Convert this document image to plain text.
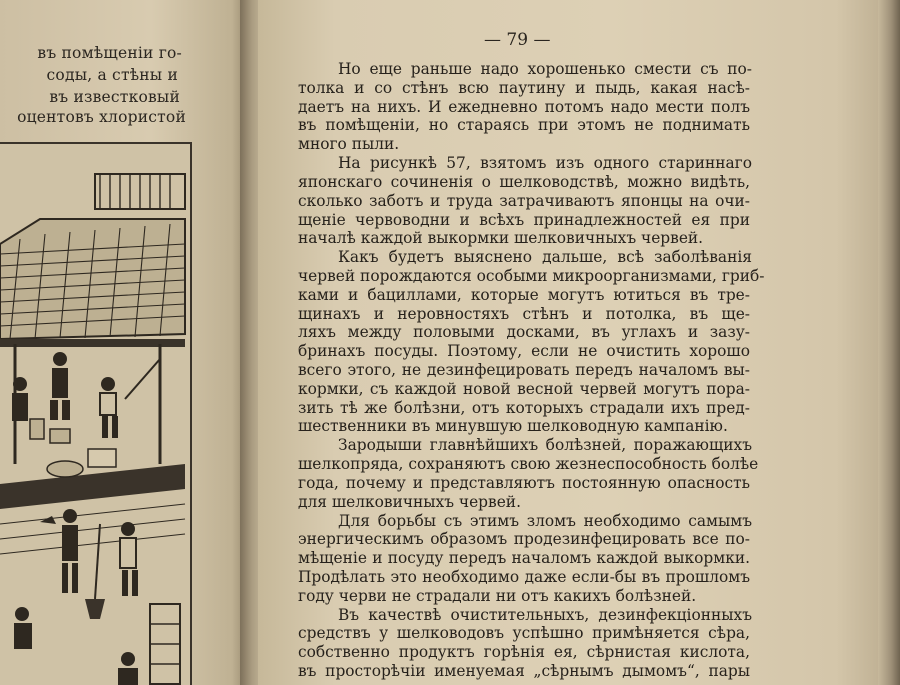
въ помѣщеніи го-
соды, а стѣны и
въ известковый
оцентовъ хлористой
— 79 —
Но еще раньше надо хорошенько смести съ по-
толка и со стѣнъ всю паутину и пыдь, какая насѣ-
даетъ на нихъ. И ежедневно потомъ надо мести полъ
въ помѣщеніи, но стараясь при этомъ не поднимать
много пыли.
На рисункѣ 57, взятомъ изъ одного стариннаго
японскаго сочиненія о шелководствѣ, можно видѣть,
сколько заботъ и труда затрачиваютъ японцы на очи-
щеніе червоводни и всѣхъ принадлежностей ея при
началѣ каждой выкормки шелковичныхъ червей.
Какъ будетъ выяснено дальше, всѣ заболѣванія
червей порождаются особыми микроорганизмами, гриб-
ками и бациллами, которые могутъ ютиться въ тре-
щинахъ и неровностяхъ стѣнъ и потолка, въ щe-
ляхъ между половыми досками, въ углахъ и зазу-
бринахъ посуды. Поэтому, если не очистить хорошо
всего этого, не дезинфецировать передъ началомъ вы-
кормки, съ каждой новой весной червей могутъ пора-
зить тѣ же болѣзни, отъ которыхъ страдали ихъ пред-
шественники въ минувшую шелководную кампанію.
Зародыши главнѣйшихъ болѣзней, поражающихъ
шелкопряда, сохраняютъ свою жезнеспособность болѣе
года, почему и представляютъ постоянную опасность
для шелковичныхъ червей.
Для борьбы съ этимъ зломъ необходимо самымъ
энергическимъ образомъ продезинфецировать все по-
мѣщеніе и посуду передъ началомъ каждой выкормки.
Продѣлать это необходимо даже если-бы въ прошломъ
году черви не страдали ни отъ какихъ болѣзней.
Въ качествѣ очистительныхъ, дезинфекціонныхъ
средствъ у шелководовъ успѣшно примѣняется сѣра,
собственно продуктъ горѣнія ея, сѣрнистая кислота,
въ просторѣчіи именуемая „сѣрнымъ дымомъ“, пары
